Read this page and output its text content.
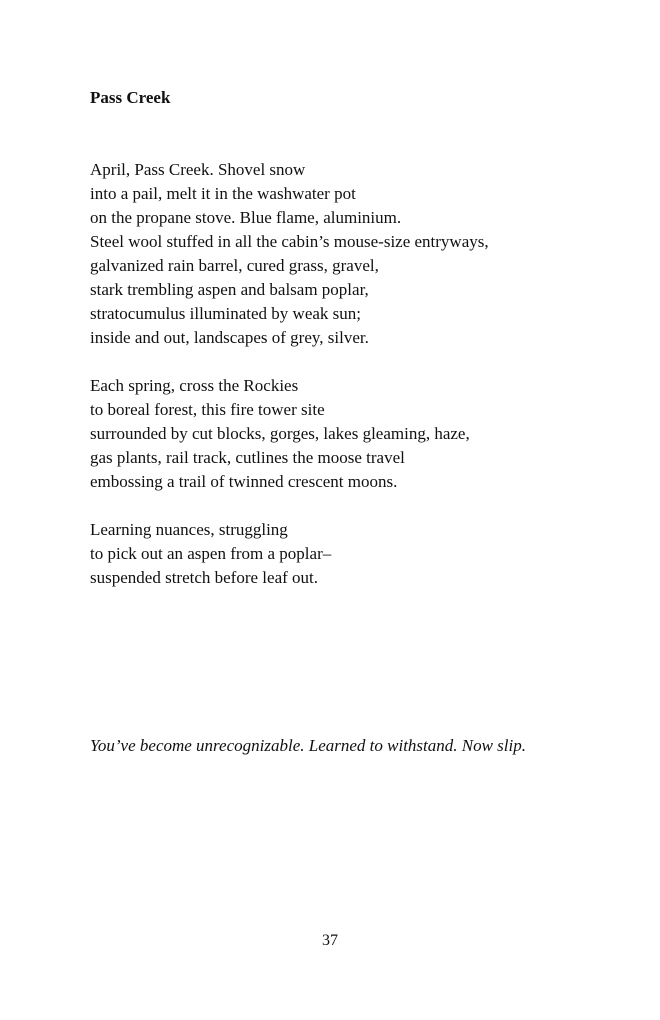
Pass Creek
April, Pass Creek. Shovel snow
into a pail, melt it in the washwater pot
on the propane stove. Blue flame, aluminium.
Steel wool stuffed in all the cabin’s mouse-size entryways,
galvanized rain barrel, cured grass, gravel,
stark trembling aspen and balsam poplar,
stratocumulus illuminated by weak sun;
inside and out, landscapes of grey, silver.
Each spring, cross the Rockies
to boreal forest, this fire tower site
surrounded by cut blocks, gorges, lakes gleaming, haze,
gas plants, rail track, cutlines the moose travel
embossing a trail of twinned crescent moons.
Learning nuances, struggling
to pick out an aspen from a poplar–
suspended stretch before leaf out.

You’ve become unrecognizable. Learned to withstand. Now slip.

37
